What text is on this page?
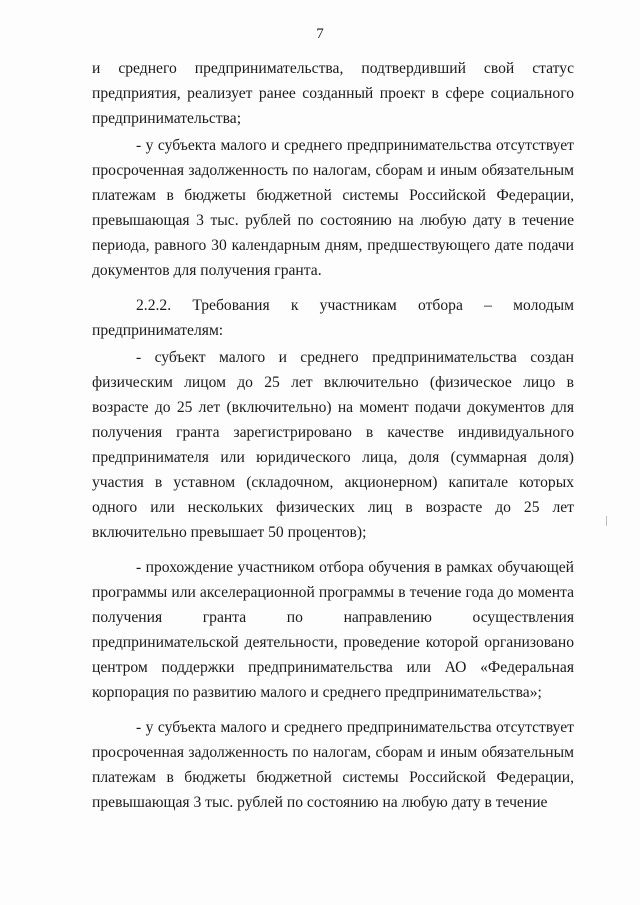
7

и среднего предпринимательства, подтвердивший свой статус предприятия, реализует ранее созданный проект в сфере социального предпринимательства;

- у субъекта малого и среднего предпринимательства отсутствует просроченная задолженность по налогам, сборам и иным обязательным платежам в бюджеты бюджетной системы Российской Федерации, превышающая 3 тыс. рублей по состоянию на любую дату в течение периода, равного 30 календарным дням, предшествующего дате подачи документов для получения гранта.

2.2.2. Требования к участникам отбора – молодым предпринимателям:

- субъект малого и среднего предпринимательства создан физическим лицом до 25 лет включительно (физическое лицо в возрасте до 25 лет (включительно) на момент подачи документов для получения гранта зарегистрировано в качестве индивидуального предпринимателя или юридического лица, доля (суммарная доля) участия в уставном (складочном, акционерном) капитале которых одного или нескольких физических лиц в возрасте до 25 лет включительно превышает 50 процентов);

- прохождение участником отбора обучения в рамках обучающей программы или акселерационной программы в течение года до момента получения гранта по направлению осуществления предпринимательской деятельности, проведение которой организовано центром поддержки предпринимательства или АО «Федеральная корпорация по развитию малого и среднего предпринимательства»;

- у субъекта малого и среднего предпринимательства отсутствует просроченная задолженность по налогам, сборам и иным обязательным платежам в бюджеты бюджетной системы Российской Федерации, превышающая 3 тыс. рублей по состоянию на любую дату в течение
